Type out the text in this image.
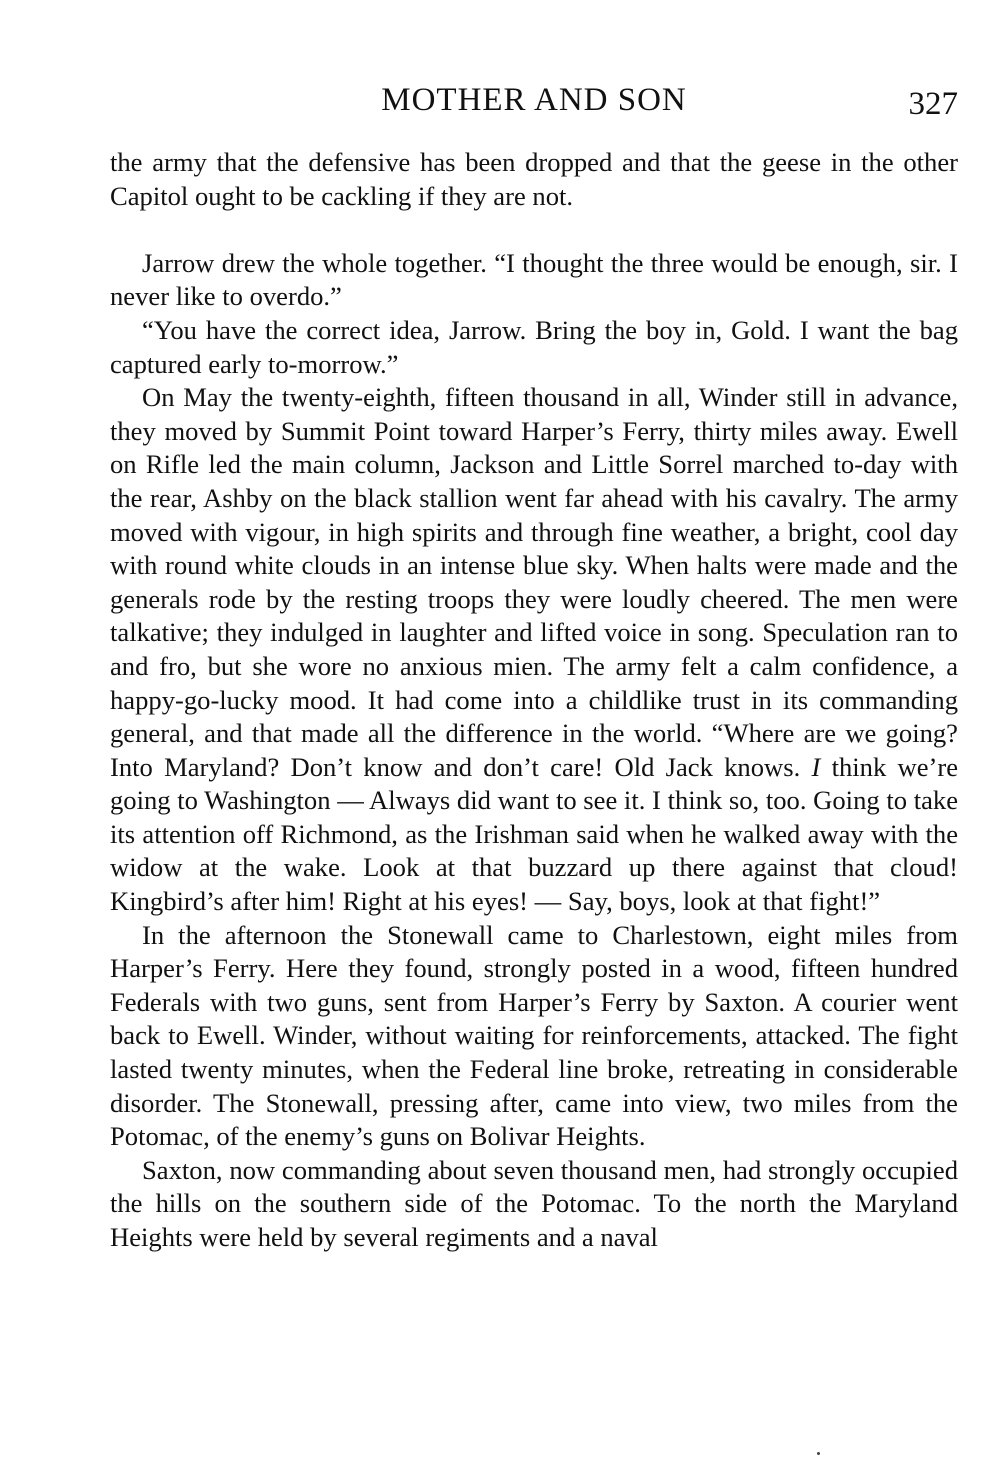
MOTHER AND SON	327

the army that the defensive has been dropped and that the geese in the other Capitol ought to be cackling if they are not.

Jarrow drew the whole together. “I thought the three would be enough, sir. I never like to overdo.”

“You have the correct idea, Jarrow. Bring the boy in, Gold. I want the bag captured early to-morrow.”

On May the twenty-eighth, fifteen thousand in all, Winder still in advance, they moved by Summit Point toward Harper’s Ferry, thirty miles away. Ewell on Rifle led the main column, Jackson and Little Sorrel marched to-day with the rear, Ashby on the black stallion went far ahead with his cavalry. The army moved with vigour, in high spirits and through fine weather, a bright, cool day with round white clouds in an intense blue sky. When halts were made and the generals rode by the resting troops they were loudly cheered. The men were talkative; they indulged in laughter and lifted voice in song. Speculation ran to and fro, but she wore no anxious mien. The army felt a calm confidence, a happy-go-lucky mood. It had come into a childlike trust in its commanding general, and that made all the difference in the world. “Where are we going? Into Maryland? Don’t know and don’t care! Old Jack knows. I think we’re going to Washington — Always did want to see it. I think so, too. Going to take its attention off Richmond, as the Irishman said when he walked away with the widow at the wake. Look at that buzzard up there against that cloud! Kingbird’s after him! Right at his eyes! — Say, boys, look at that fight!”

In the afternoon the Stonewall came to Charlestown, eight miles from Harper’s Ferry. Here they found, strongly posted in a wood, fifteen hundred Federals with two guns, sent from Harper’s Ferry by Saxton. A courier went back to Ewell. Winder, without waiting for reinforcements, attacked. The fight lasted twenty minutes, when the Federal line broke, retreating in considerable disorder. The Stonewall, pressing after, came into view, two miles from the Potomac, of the enemy’s guns on Bolivar Heights.

Saxton, now commanding about seven thousand men, had strongly occupied the hills on the southern side of the Potomac. To the north the Maryland Heights were held by several regiments and a naval
